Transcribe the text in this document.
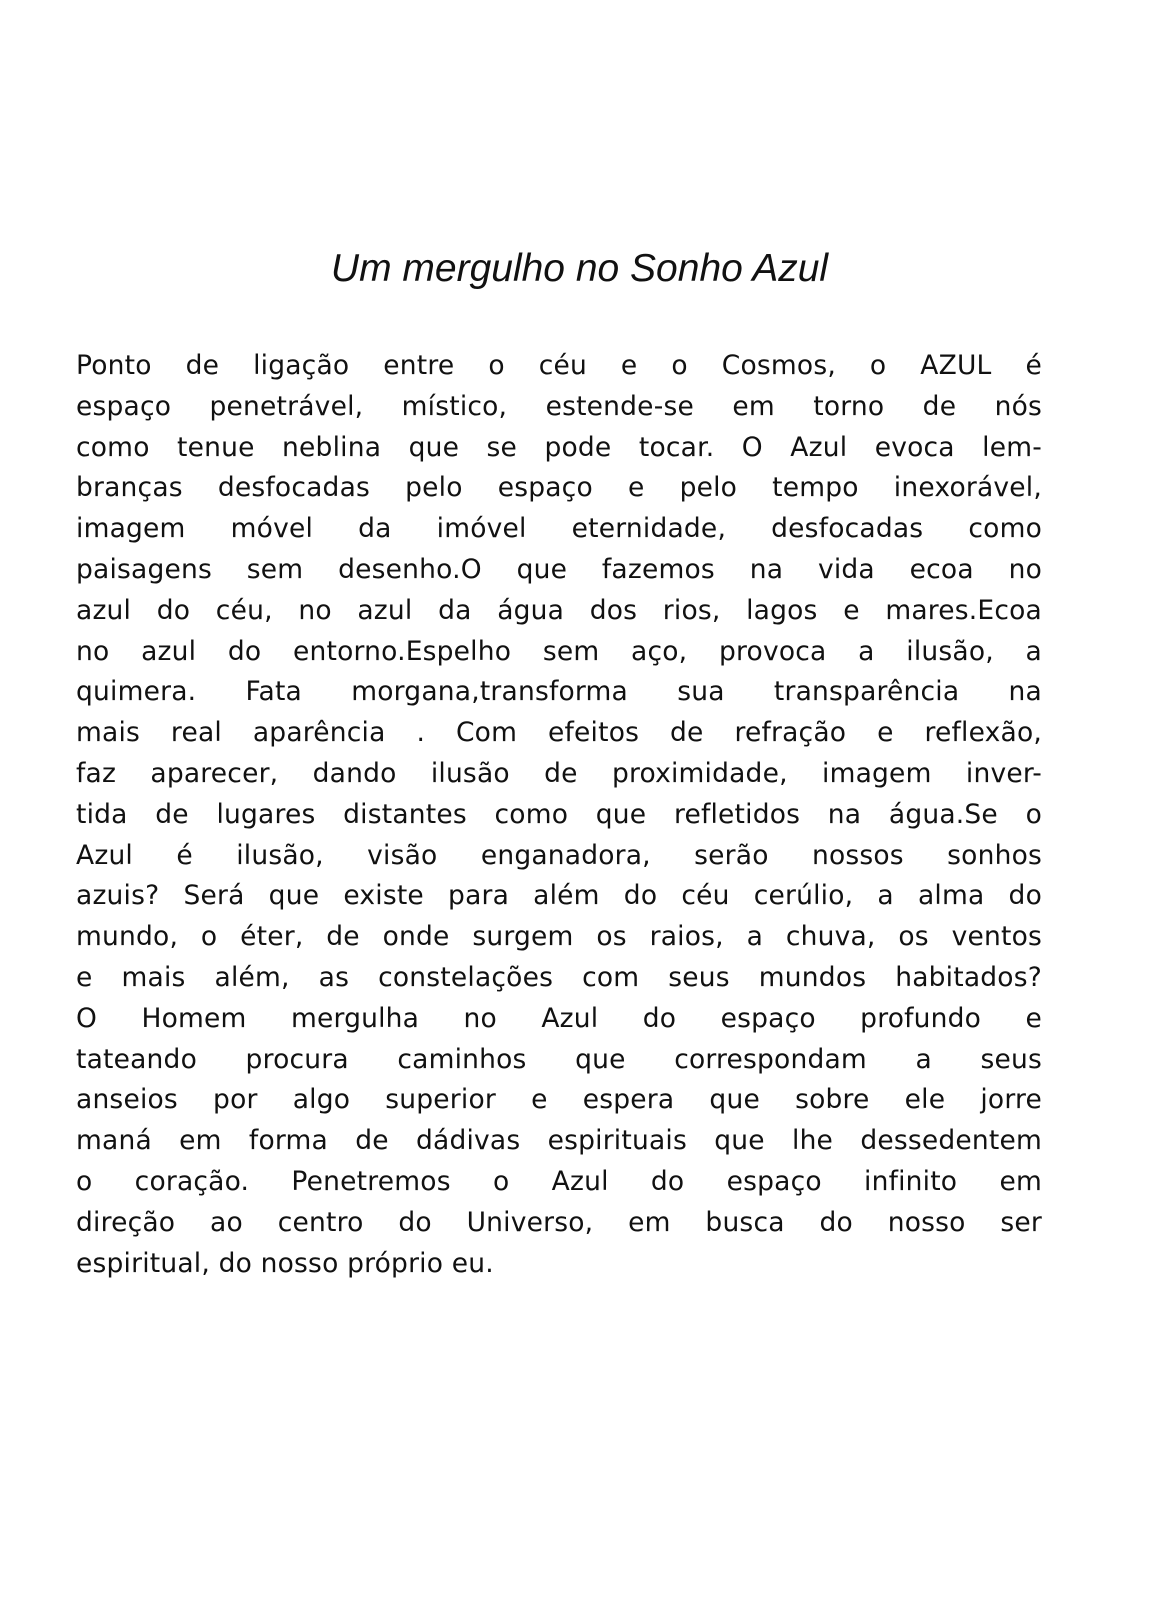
Um mergulho no Sonho Azul
Ponto de ligação entre o céu e o Cosmos, o AZUL é
espaço penetrável, místico, estende-se em torno de nós
como tenue neblina que se pode tocar. O Azul evoca lem-
branças desfocadas pelo espaço e pelo tempo inexorável,
imagem móvel da imóvel eternidade, desfocadas como
paisagens sem desenho.O que fazemos na vida ecoa no
azul do céu, no azul da água dos rios, lagos e mares.Ecoa
no azul do entorno.Espelho sem aço, provoca a ilusão, a
quimera. Fata morgana,transforma sua transparência na
mais real aparência . Com efeitos de refração e reflexão,
faz aparecer, dando ilusão de proximidade, imagem inver-
tida de lugares distantes como que refletidos na água.Se o
Azul é ilusão, visão enganadora, serão nossos sonhos
azuis? Será que existe para além do céu cerúlio, a alma do
mundo, o éter, de onde surgem os raios, a chuva, os ventos
e mais além, as constelações com seus mundos habitados?
O Homem mergulha no Azul do espaço profundo e
tateando procura caminhos que correspondam a seus
anseios por algo superior e espera que sobre ele jorre
maná em forma de dádivas espirituais que lhe dessedentem
o coração. Penetremos o Azul do espaço infinito em
direção ao centro do Universo, em busca do nosso ser
espiritual, do nosso próprio eu.
